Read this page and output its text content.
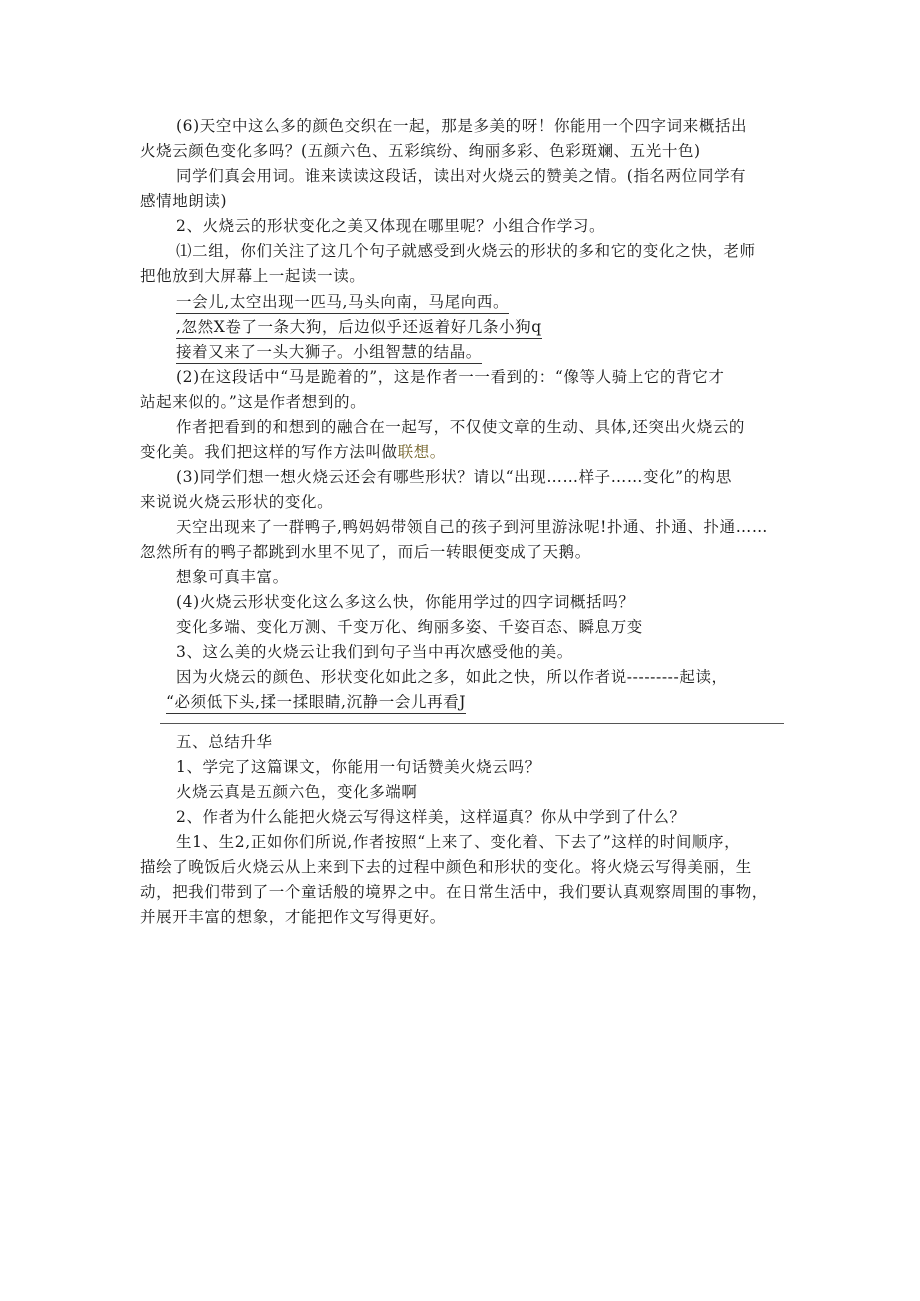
(6)天空中这么多的颜色交织在一起，那是多美的呀！你能用一个四字词来概括出
火烧云颜色变化多吗？(五颜六色、五彩缤纷、绚丽多彩、色彩斑斓、五光十色)
同学们真会用词。谁来读读这段话，读出对火烧云的赞美之情。(指名两位同学有
感情地朗读)
2、火烧云的形状变化之美又体现在哪里呢？小组合作学习。
⑴二组，你们关注了这几个句子就感受到火烧云的形状的多和它的变化之快，老师
把他放到大屏幕上一起读一读。
一会儿,太空出现一匹马,马头向南，马尾向西。
,忽然X卷了一条大狗，后边似乎还返着好几条小狗q
接着又来了一头大狮子。小组智慧的结晶。
(2)在这段话中“马是跪着的”，这是作者一一看到的：“像等人骑上它的背它才
站起来似的。”这是作者想到的。
作者把看到的和想到的融合在一起写，不仅使文章的生动、具体,还突出火烧云的
变化美。我们把这样的写作方法叫做联想。
(3)同学们想一想火烧云还会有哪些形状？请以“出现……样子……变化”的构思
来说说火烧云形状的变化。
天空出现来了一群鸭子,鸭妈妈带领自己的孩子到河里游泳呢!扑通、扑通、扑通……
忽然所有的鸭子都跳到水里不见了，而后一转眼便变成了天鹅。
想象可真丰富。
(4)火烧云形状变化这么多这么快，你能用学过的四字词概括吗？
变化多端、变化万测、千变万化、绚丽多姿、千姿百态、瞬息万变
3、这么美的火烧云让我们到句子当中再次感受他的美。
因为火烧云的颜色、形状变化如此之多，如此之快，所以作者说---------起读，
“必须低下头,揉一揉眼睛,沉静一会儿再看J
五、总结升华
1、学完了这篇课文，你能用一句话赞美火烧云吗？
火烧云真是五颜六色，变化多端啊
2、作者为什么能把火烧云写得这样美，这样逼真？你从中学到了什么？
生1、生2,正如你们所说,作者按照“上来了、变化着、下去了”这样的时间顺序，
描绘了晚饭后火烧云从上来到下去的过程中颜色和形状的变化。将火烧云写得美丽，生
动，把我们带到了一个童话般的境界之中。在日常生活中，我们要认真观察周围的事物，
并展开丰富的想象，才能把作文写得更好。
